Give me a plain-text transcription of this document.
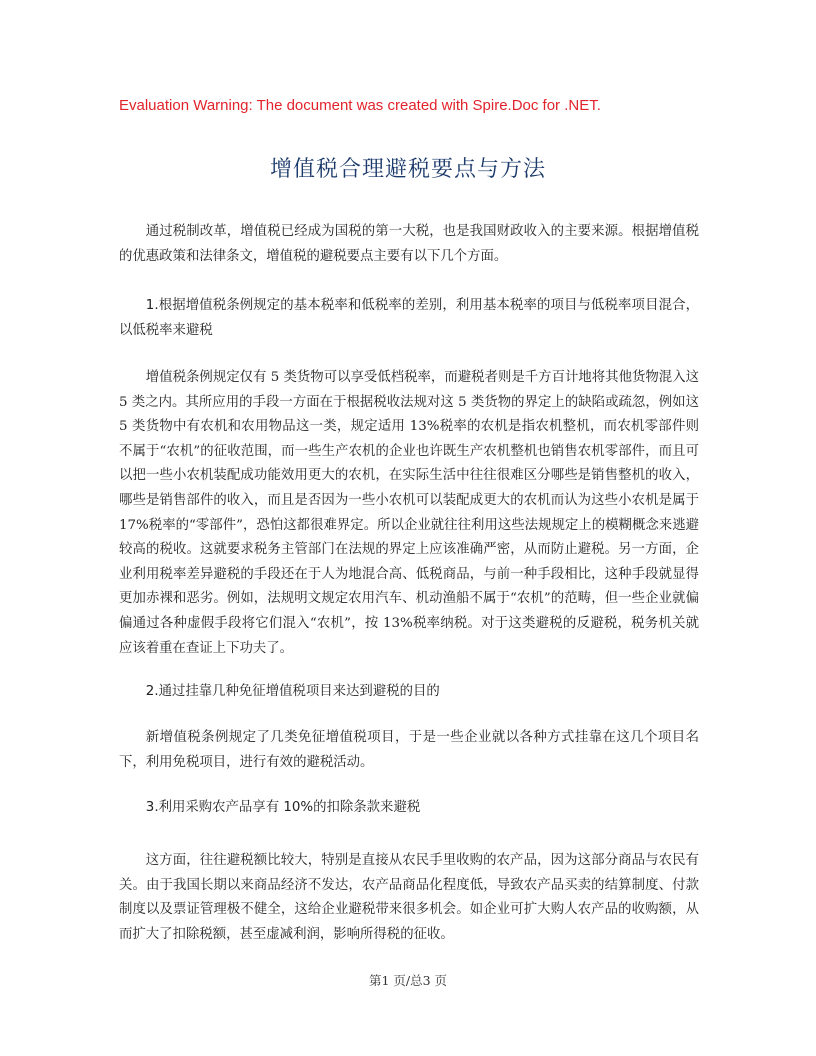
Evaluation Warning: The document was created with Spire.Doc for .NET.
增值税合理避税要点与方法

通过税制改革，增值税已经成为国税的第一大税，也是我国财政收入的主要来源。根据增值税的优惠政策和法律条文，增值税的避税要点主要有以下几个方面。

1.根据增值税条例规定的基本税率和低税率的差别，利用基本税率的项目与低税率项目混合，以低税率来避税

增值税条例规定仅有 5 类货物可以享受低档税率，而避税者则是千方百计地将其他货物混入这 5 类之内。其所应用的手段一方面在于根据税收法规对这 5 类货物的界定上的缺陷或疏忽，例如这 5 类货物中有农机和农用物品这一类，规定适用 13%税率的农机是指农机整机，而农机零部件则不属于“农机”的征收范围，而一些生产农机的企业也许既生产农机整机也销售农机零部件，而且可以把一些小农机装配成功能效用更大的农机，在实际生活中往往很难区分哪些是销售整机的收入，哪些是销售部件的收入，而且是否因为一些小农机可以装配成更大的农机而认为这些小农机是属于 17%税率的“零部件”，恐怕这都很难界定。所以企业就往往利用这些法规规定上的模糊概念来逃避较高的税收。这就要求税务主管部门在法规的界定上应该准确严密，从而防止避税。另一方面，企业利用税率差异避税的手段还在于人为地混合高、低税商品，与前一种手段相比，这种手段就显得更加赤裸和恶劣。例如，法规明文规定农用汽车、机动渔船不属于“农机”的范畴，但一些企业就偏偏通过各种虚假手段将它们混入“农机”，按 13%税率纳税。对于这类避税的反避税，税务机关就应该着重在查证上下功夫了。

2.通过挂靠几种免征增值税项目来达到避税的目的

新增值税条例规定了几类免征增值税项目，于是一些企业就以各种方式挂靠在这几个项目名下，利用免税项目，进行有效的避税活动。

3.利用采购农产品享有 10%的扣除条款来避税

这方面，往往避税额比较大，特别是直接从农民手里收购的农产品，因为这部分商品与农民有关。由于我国长期以来商品经济不发达，农产品商品化程度低，导致农产品买卖的结算制度、付款制度以及票证管理极不健全，这给企业避税带来很多机会。如企业可扩大购人农产品的收购额，从而扩大了扣除税额，甚至虚减利润，影响所得税的征收。

第1 页/总3 页
